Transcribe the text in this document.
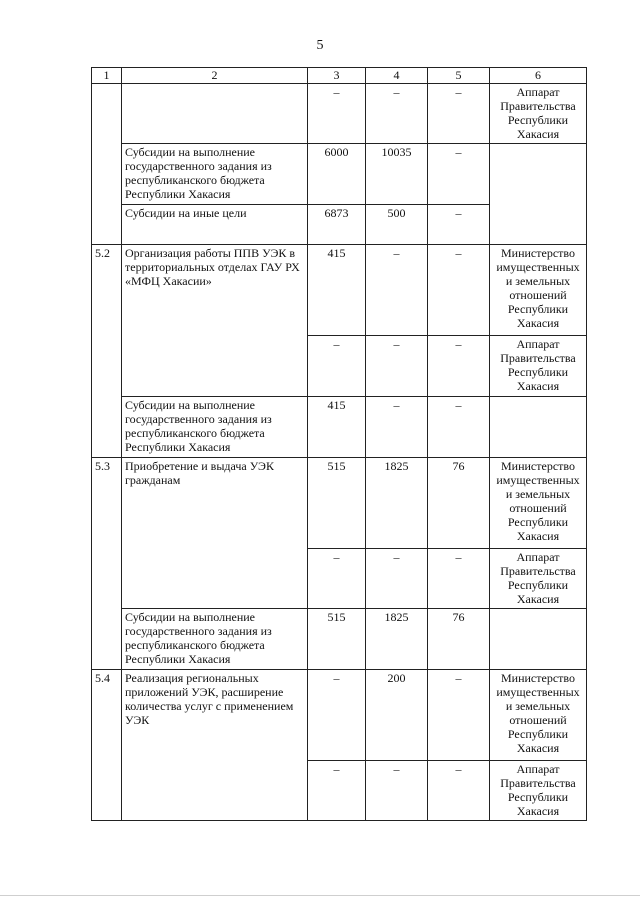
5
1	2	3	4	5	6
		–	–	–	Аппарат Правительства Республики Хакасия
	Субсидии на выполнение государственного задания из республиканского бюджета Республики Хакасия	6000	10035	–	
	Субсидии на иные цели	6873	500	–	
5.2	Организация работы ППВ УЭК в территориальных отделах ГАУ РХ «МФЦ Хакасии»	415	–	–	Министерство имущественных и земельных отношений Республики Хакасия
		–	–	–	Аппарат Правительства Республики Хакасия
	Субсидии на выполнение государственного задания из республиканского бюджета Республики Хакасия	415	–	–	
5.3	Приобретение и выдача УЭК гражданам	515	1825	76	Министерство имущественных и земельных отношений Республики Хакасия
		–	–	–	Аппарат Правительства Республики Хакасия
	Субсидии на выполнение государственного задания из республиканского бюджета Республики Хакасия	515	1825	76	
5.4	Реализация региональных приложений УЭК, расширение количества услуг с применением УЭК	–	200	–	Министерство имущественных и земельных отношений Республики Хакасия
		–	–	–	Аппарат Правительства Республики Хакасия
